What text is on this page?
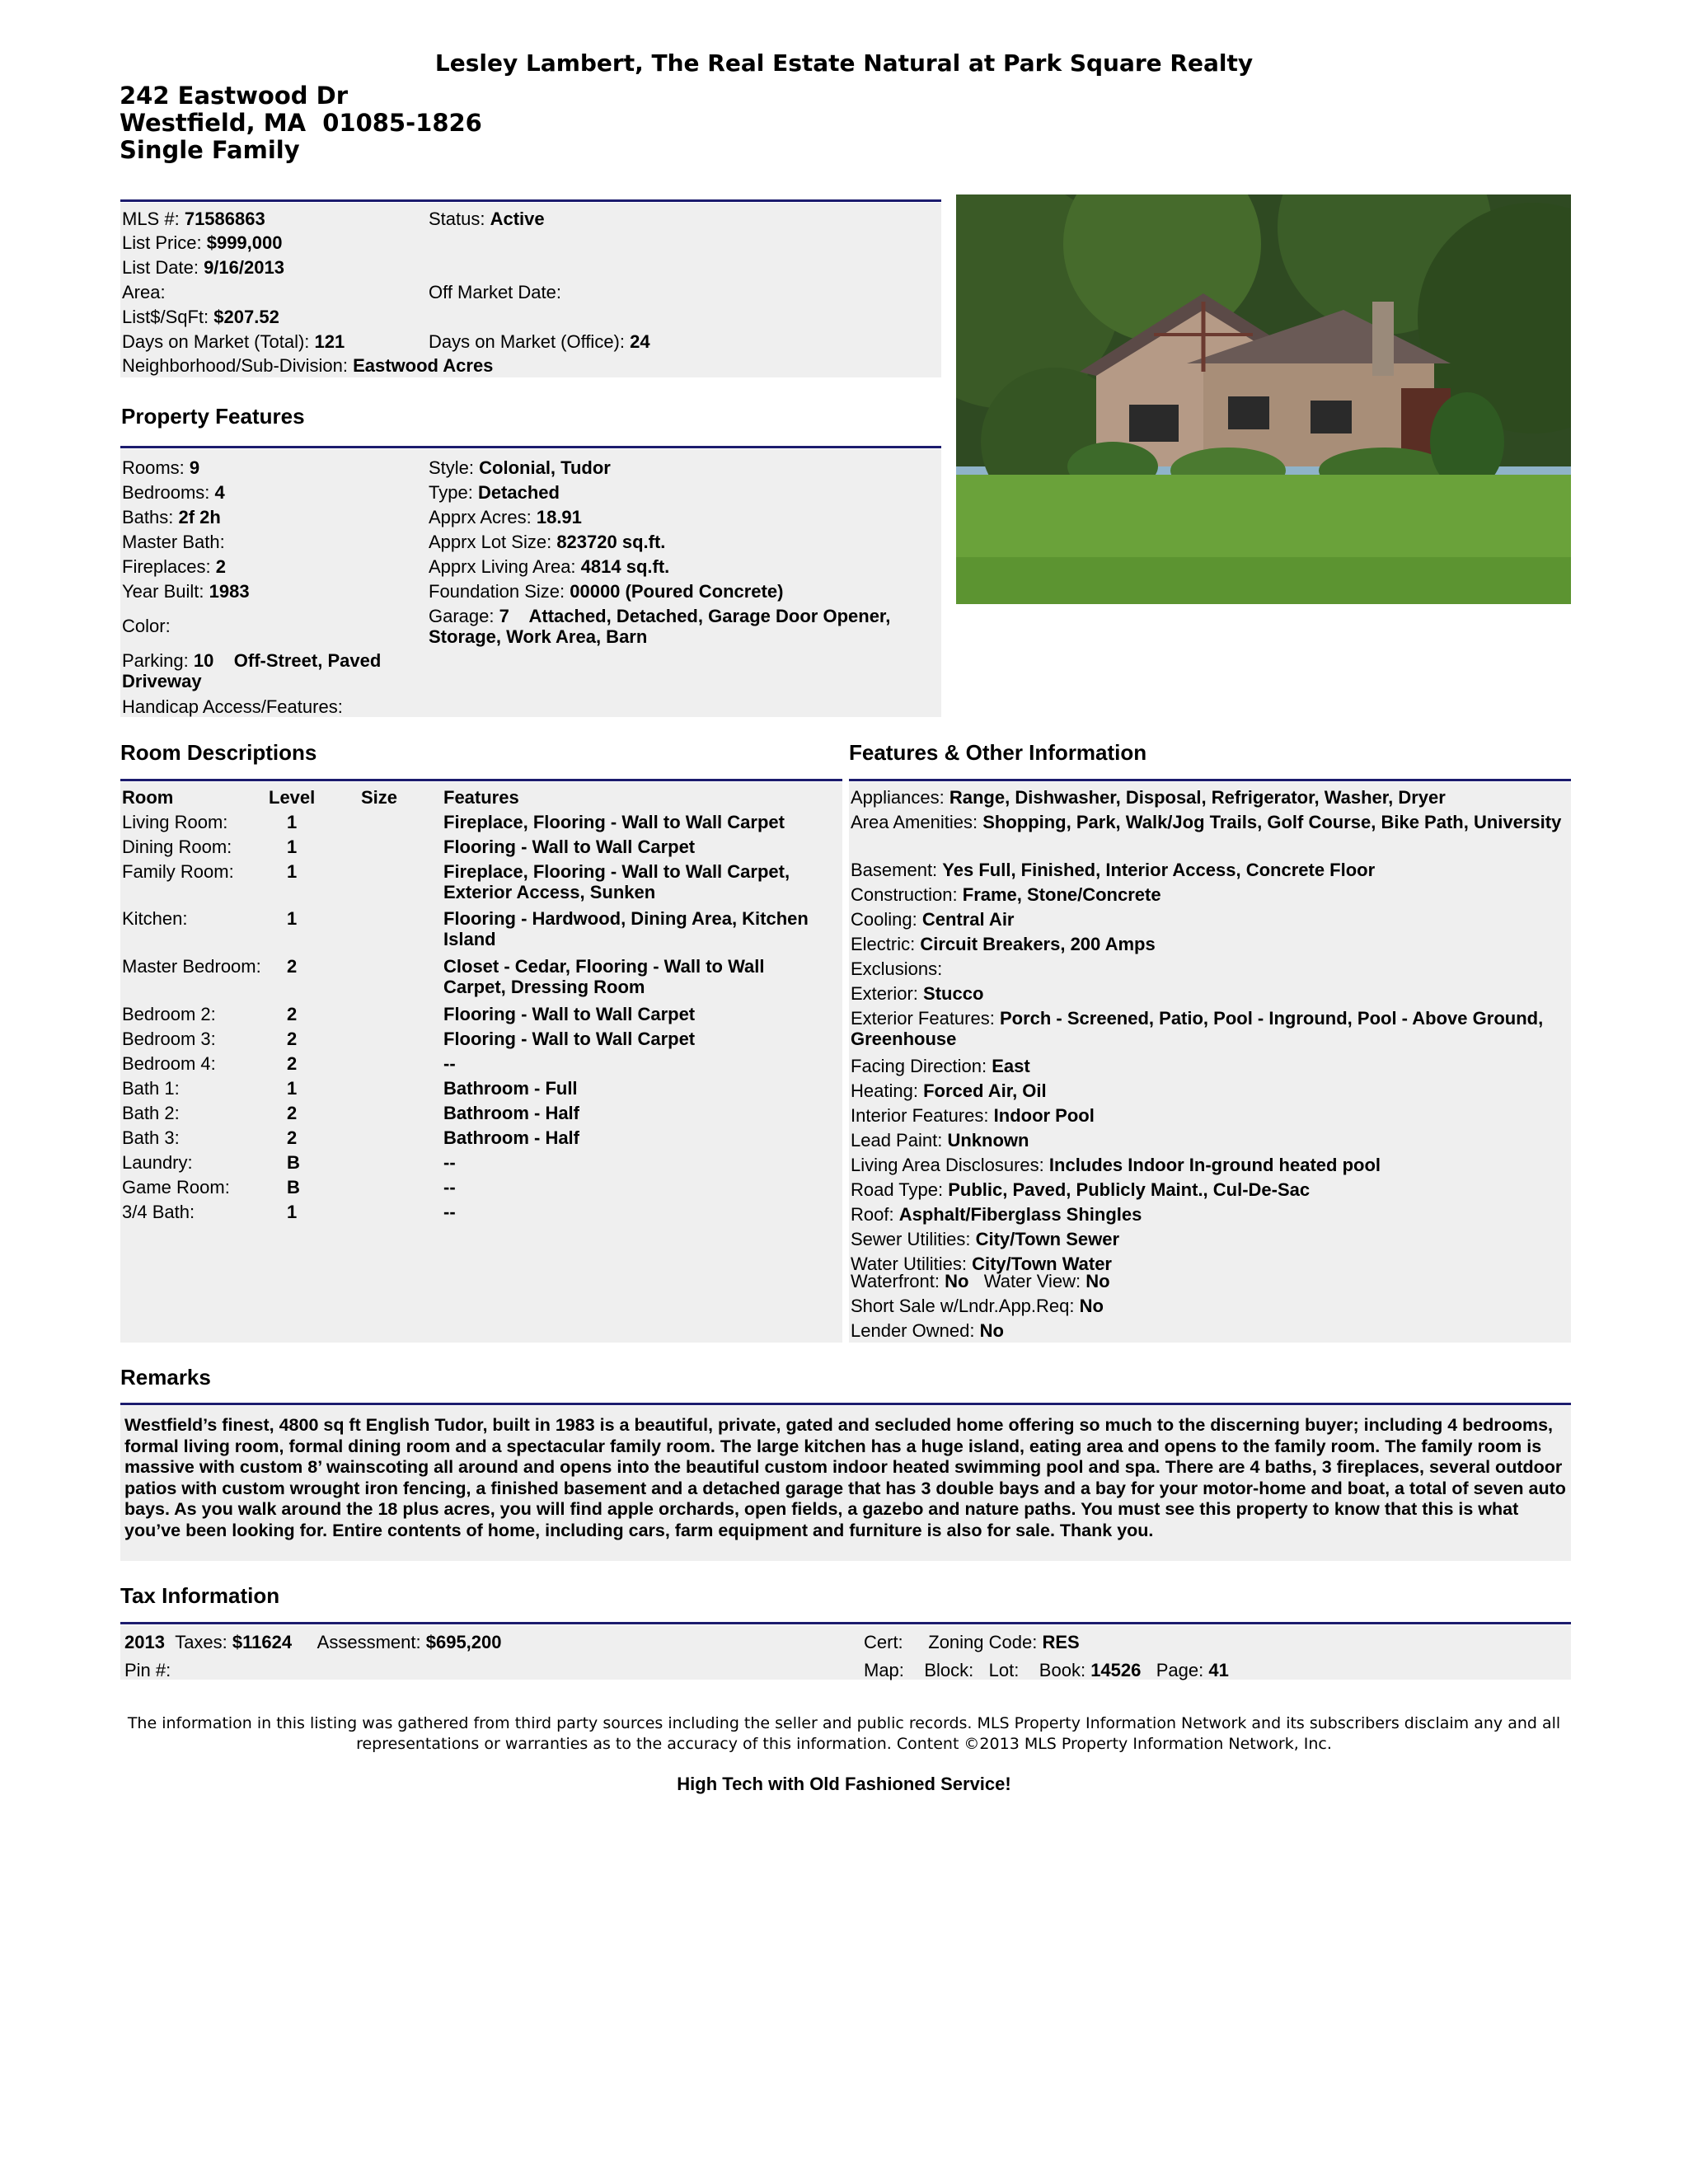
Lesley Lambert, The Real Estate Natural at Park Square Realty
242 Eastwood Dr
Westfield, MA  01085-1826
Single Family
MLS #: 71586863	Status: Active
List Price: $999,000
List Date: 9/16/2013
Area:	Off Market Date:
List$/SqFt: $207.52
Days on Market (Total): 121	Days on Market (Office): 24
Neighborhood/Sub-Division: Eastwood Acres
Property Features
Rooms: 9
Bedrooms: 4
Baths: 2f 2h
Master Bath:
Fireplaces: 2
Year Built: 1983
Color:
Parking: 10    Off-Street, Paved Driveway
Handicap Access/Features:
Style: Colonial, Tudor
Type: Detached
Apprx Acres: 18.91
Apprx Lot Size: 823720 sq.ft.
Apprx Living Area: 4814 sq.ft.
Foundation Size: 00000 (Poured Concrete)
Garage: 7    Attached, Detached, Garage Door Opener, Storage, Work Area, Barn
Room Descriptions
Room	Level	Size	Features
Living Room:	1	Fireplace, Flooring - Wall to Wall Carpet
Dining Room:	1	Flooring - Wall to Wall Carpet
Family Room:	1	Fireplace, Flooring - Wall to Wall Carpet, Exterior Access, Sunken
Kitchen:	1	Flooring - Hardwood, Dining Area, Kitchen Island
Master Bedroom: 2	Closet - Cedar, Flooring - Wall to Wall Carpet, Dressing Room
Bedroom 2:	2	Flooring - Wall to Wall Carpet
Bedroom 3:	2	Flooring - Wall to Wall Carpet
Bedroom 4:	2	--
Bath 1:	1	Bathroom - Full
Bath 2:	2	Bathroom - Half
Bath 3:	2	Bathroom - Half
Laundry:	B	--
Game Room:	B	--
3/4 Bath:	1	--
Features & Other Information
Appliances: Range, Dishwasher, Disposal, Refrigerator, Washer, Dryer
Area Amenities: Shopping, Park, Walk/Jog Trails, Golf Course, Bike Path, University
Basement: Yes Full, Finished, Interior Access, Concrete Floor
Construction: Frame, Stone/Concrete
Cooling: Central Air
Electric: Circuit Breakers, 200 Amps
Exclusions:
Exterior: Stucco
Exterior Features: Porch - Screened, Patio, Pool - Inground, Pool - Above Ground, Greenhouse
Facing Direction: East
Heating: Forced Air, Oil
Interior Features: Indoor Pool
Lead Paint: Unknown
Living Area Disclosures: Includes Indoor In-ground heated pool
Road Type: Public, Paved, Publicly Maint., Cul-De-Sac
Roof: Asphalt/Fiberglass Shingles
Sewer Utilities: City/Town Sewer
Water Utilities: City/Town Water
Waterfront: No Water View: No
Short Sale w/Lndr.App.Req: No
Lender Owned: No
Remarks
Westfield’s finest, 4800 sq ft English Tudor, built in 1983 is a beautiful, private, gated and secluded home offering so much to the discerning buyer; including 4 bedrooms, formal living room, formal dining room and a spectacular family room. The large kitchen has a huge island, eating area and opens to the family room. The family room is massive with custom 8’ wainscoting all around and opens into the beautiful custom indoor heated swimming pool and spa. There are 4 baths, 3 fireplaces, several outdoor patios with custom wrought iron fencing, a finished basement and a detached garage that has 3 double bays and a bay for your motor-home and boat, a total of seven auto bays. As you walk around the 18 plus acres, you will find apple orchards, open fields, a gazebo and nature paths. You must see this property to know that this is what you’ve been looking for. Entire contents of home, including cars, farm equipment and furniture is also for sale. Thank you.
Tax Information
2013 Taxes: $11624 Assessment: $695,200
Pin #:
Cert: Zoning Code: RES
Map: Block: Lot: Book: 14526 Page: 41
The information in this listing was gathered from third party sources including the seller and public records. MLS Property Information Network and its subscribers disclaim any and all representations or warranties as to the accuracy of this information. Content ©2013 MLS Property Information Network, Inc.
High Tech with Old Fashioned Service!
